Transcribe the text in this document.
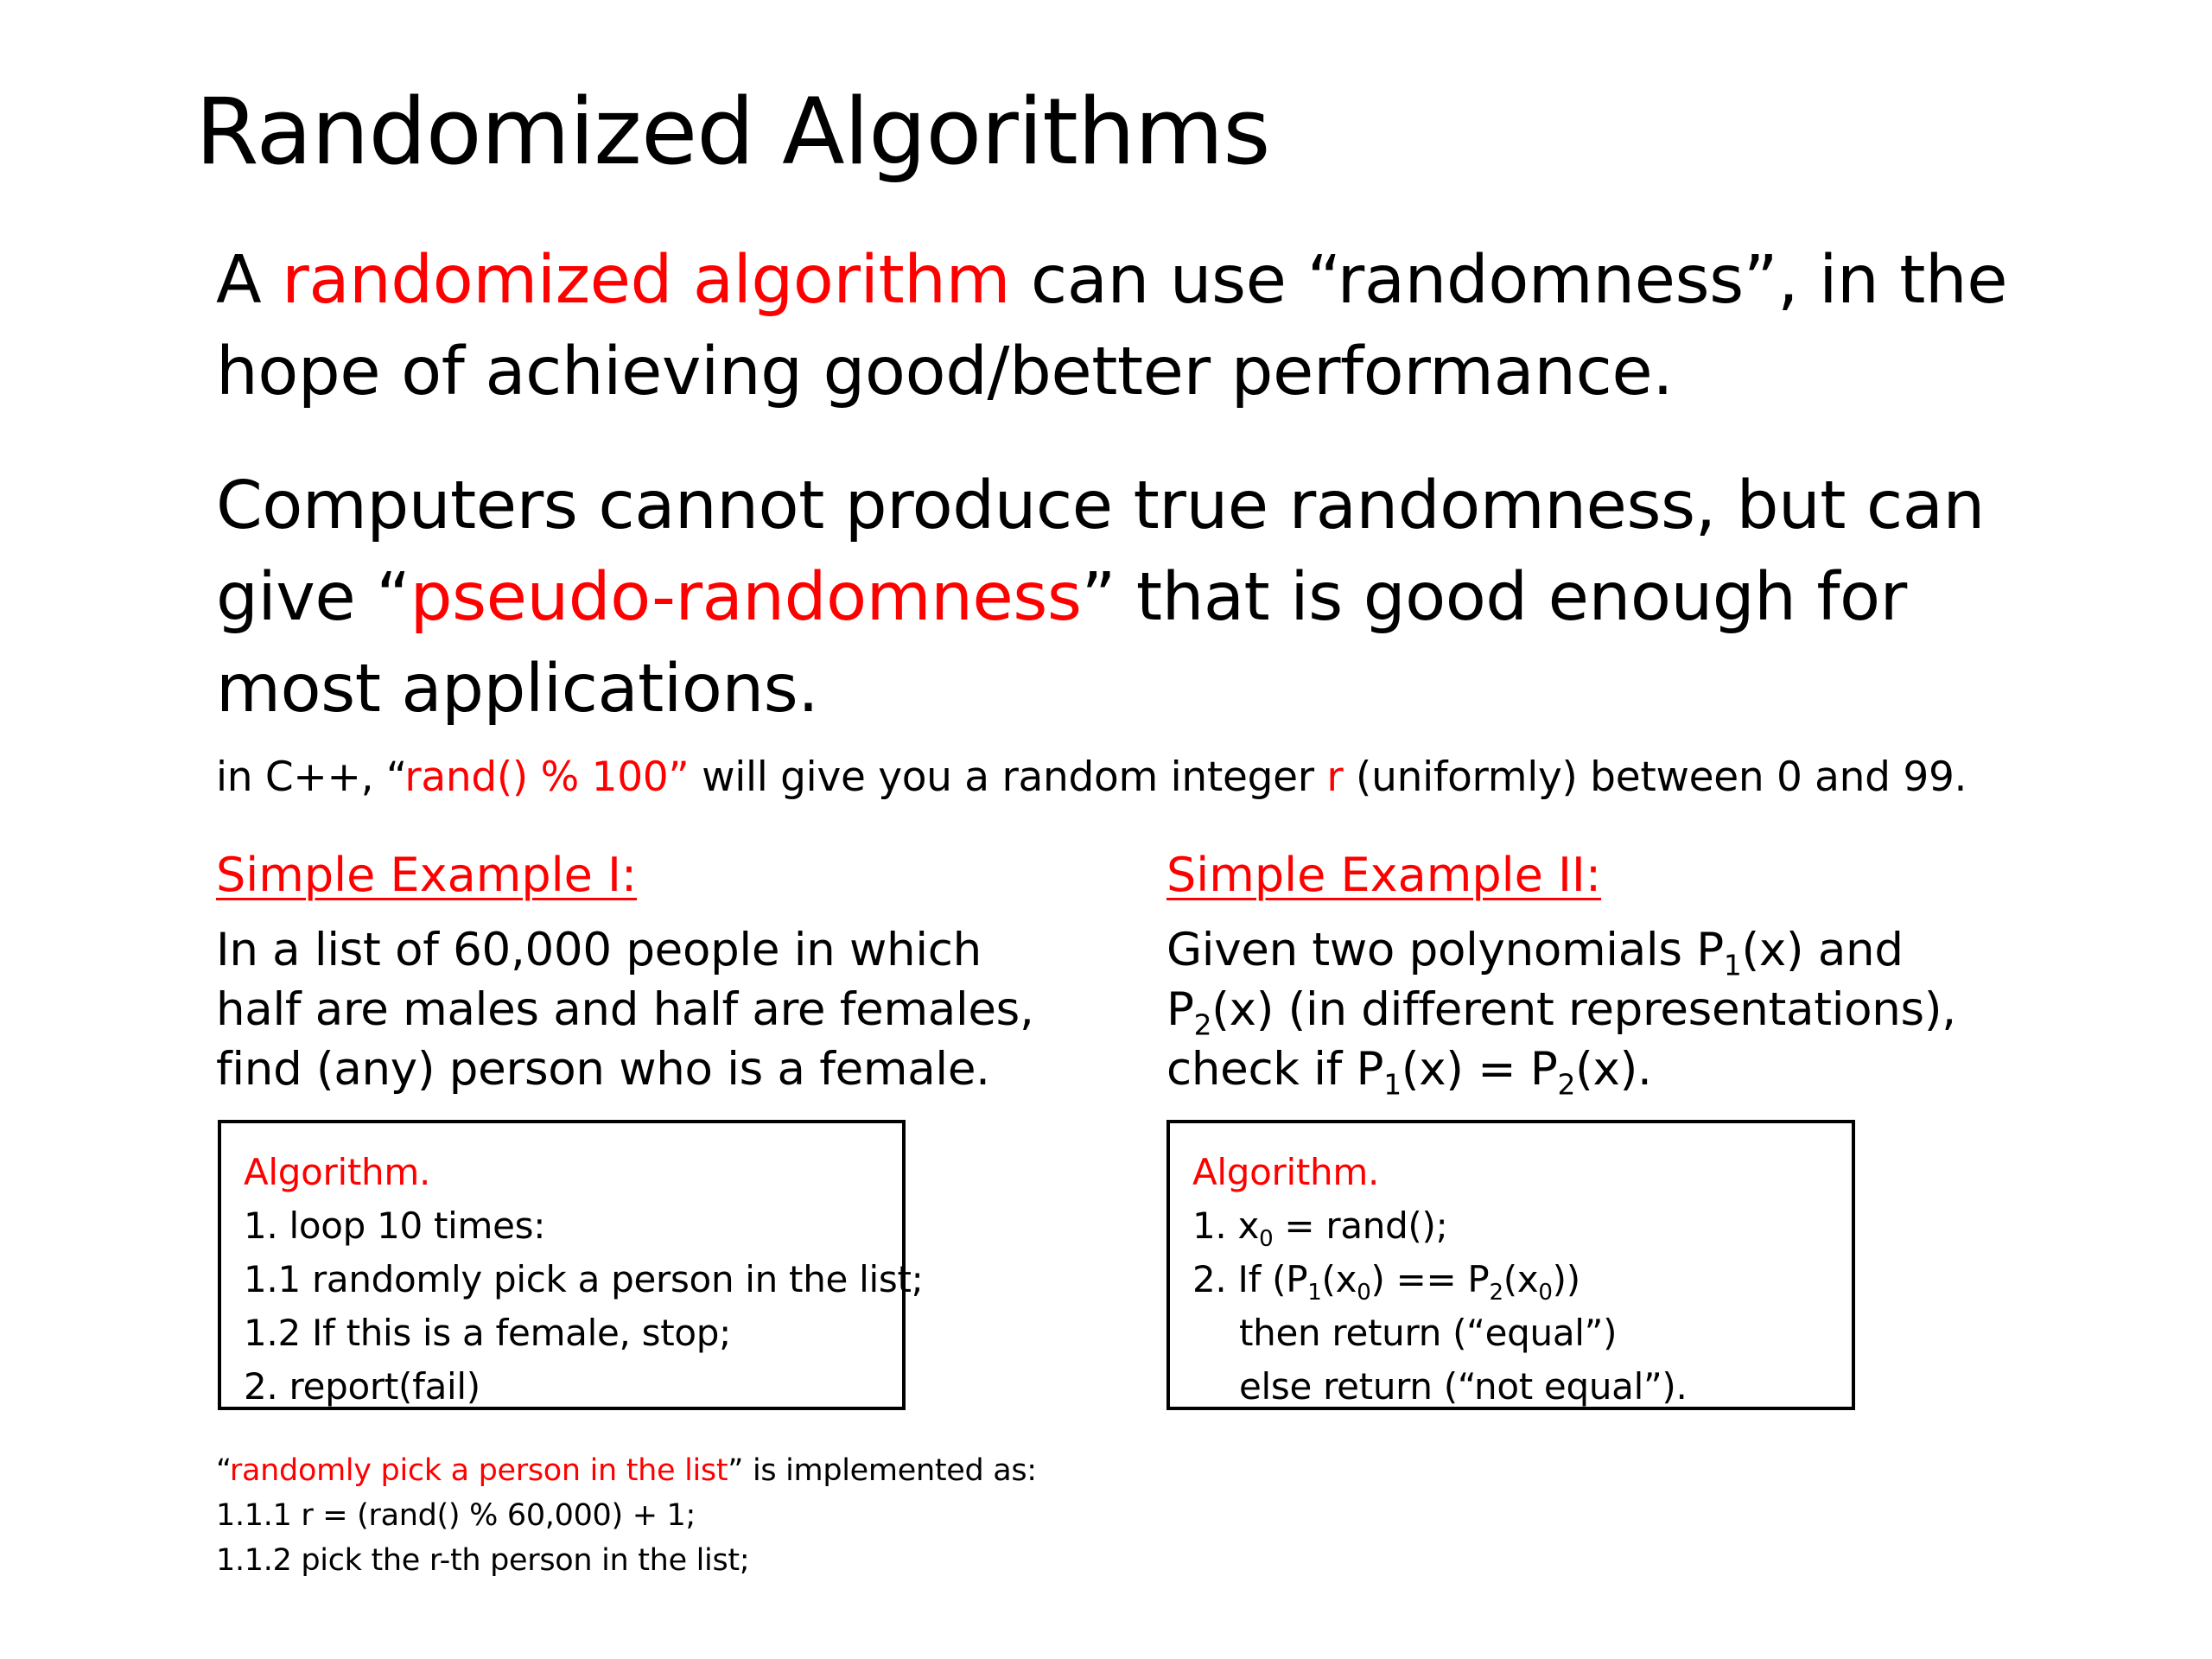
Randomized Algorithms
A randomized algorithm can use “randomness”, in the
hope of achieving good/better performance.
Computers cannot produce true randomness, but can
give “pseudo-randomness” that is good enough for
most applications.
in C++, “rand() % 100” will give you a random integer r (uniformly) between 0 and 99.
Simple Example I:
In a list of 60,000 people in which
half are males and half are females,
find (any) person who is a female.
Simple Example II:
Given two polynomials $P_1(x)$ and
$P_2(x)$ (in different representations),
check if $P_1(x) = P_2(x)$.
Algorithm.
1. loop 10 times:
1.1 randomly pick a person in the list;
1.2 If this is a female, stop;
2. report(fail)
Algorithm.
1. $x_0$ = rand();
2. If $(P_1(x_0) == P_2(x_0))$
then return (“equal”)
else return (“not equal”).
“randomly pick a person in the list” is implemented as:
1.1.1 r = (rand() % 60,000) + 1;
1.1.2 pick the r-th person in the list;
